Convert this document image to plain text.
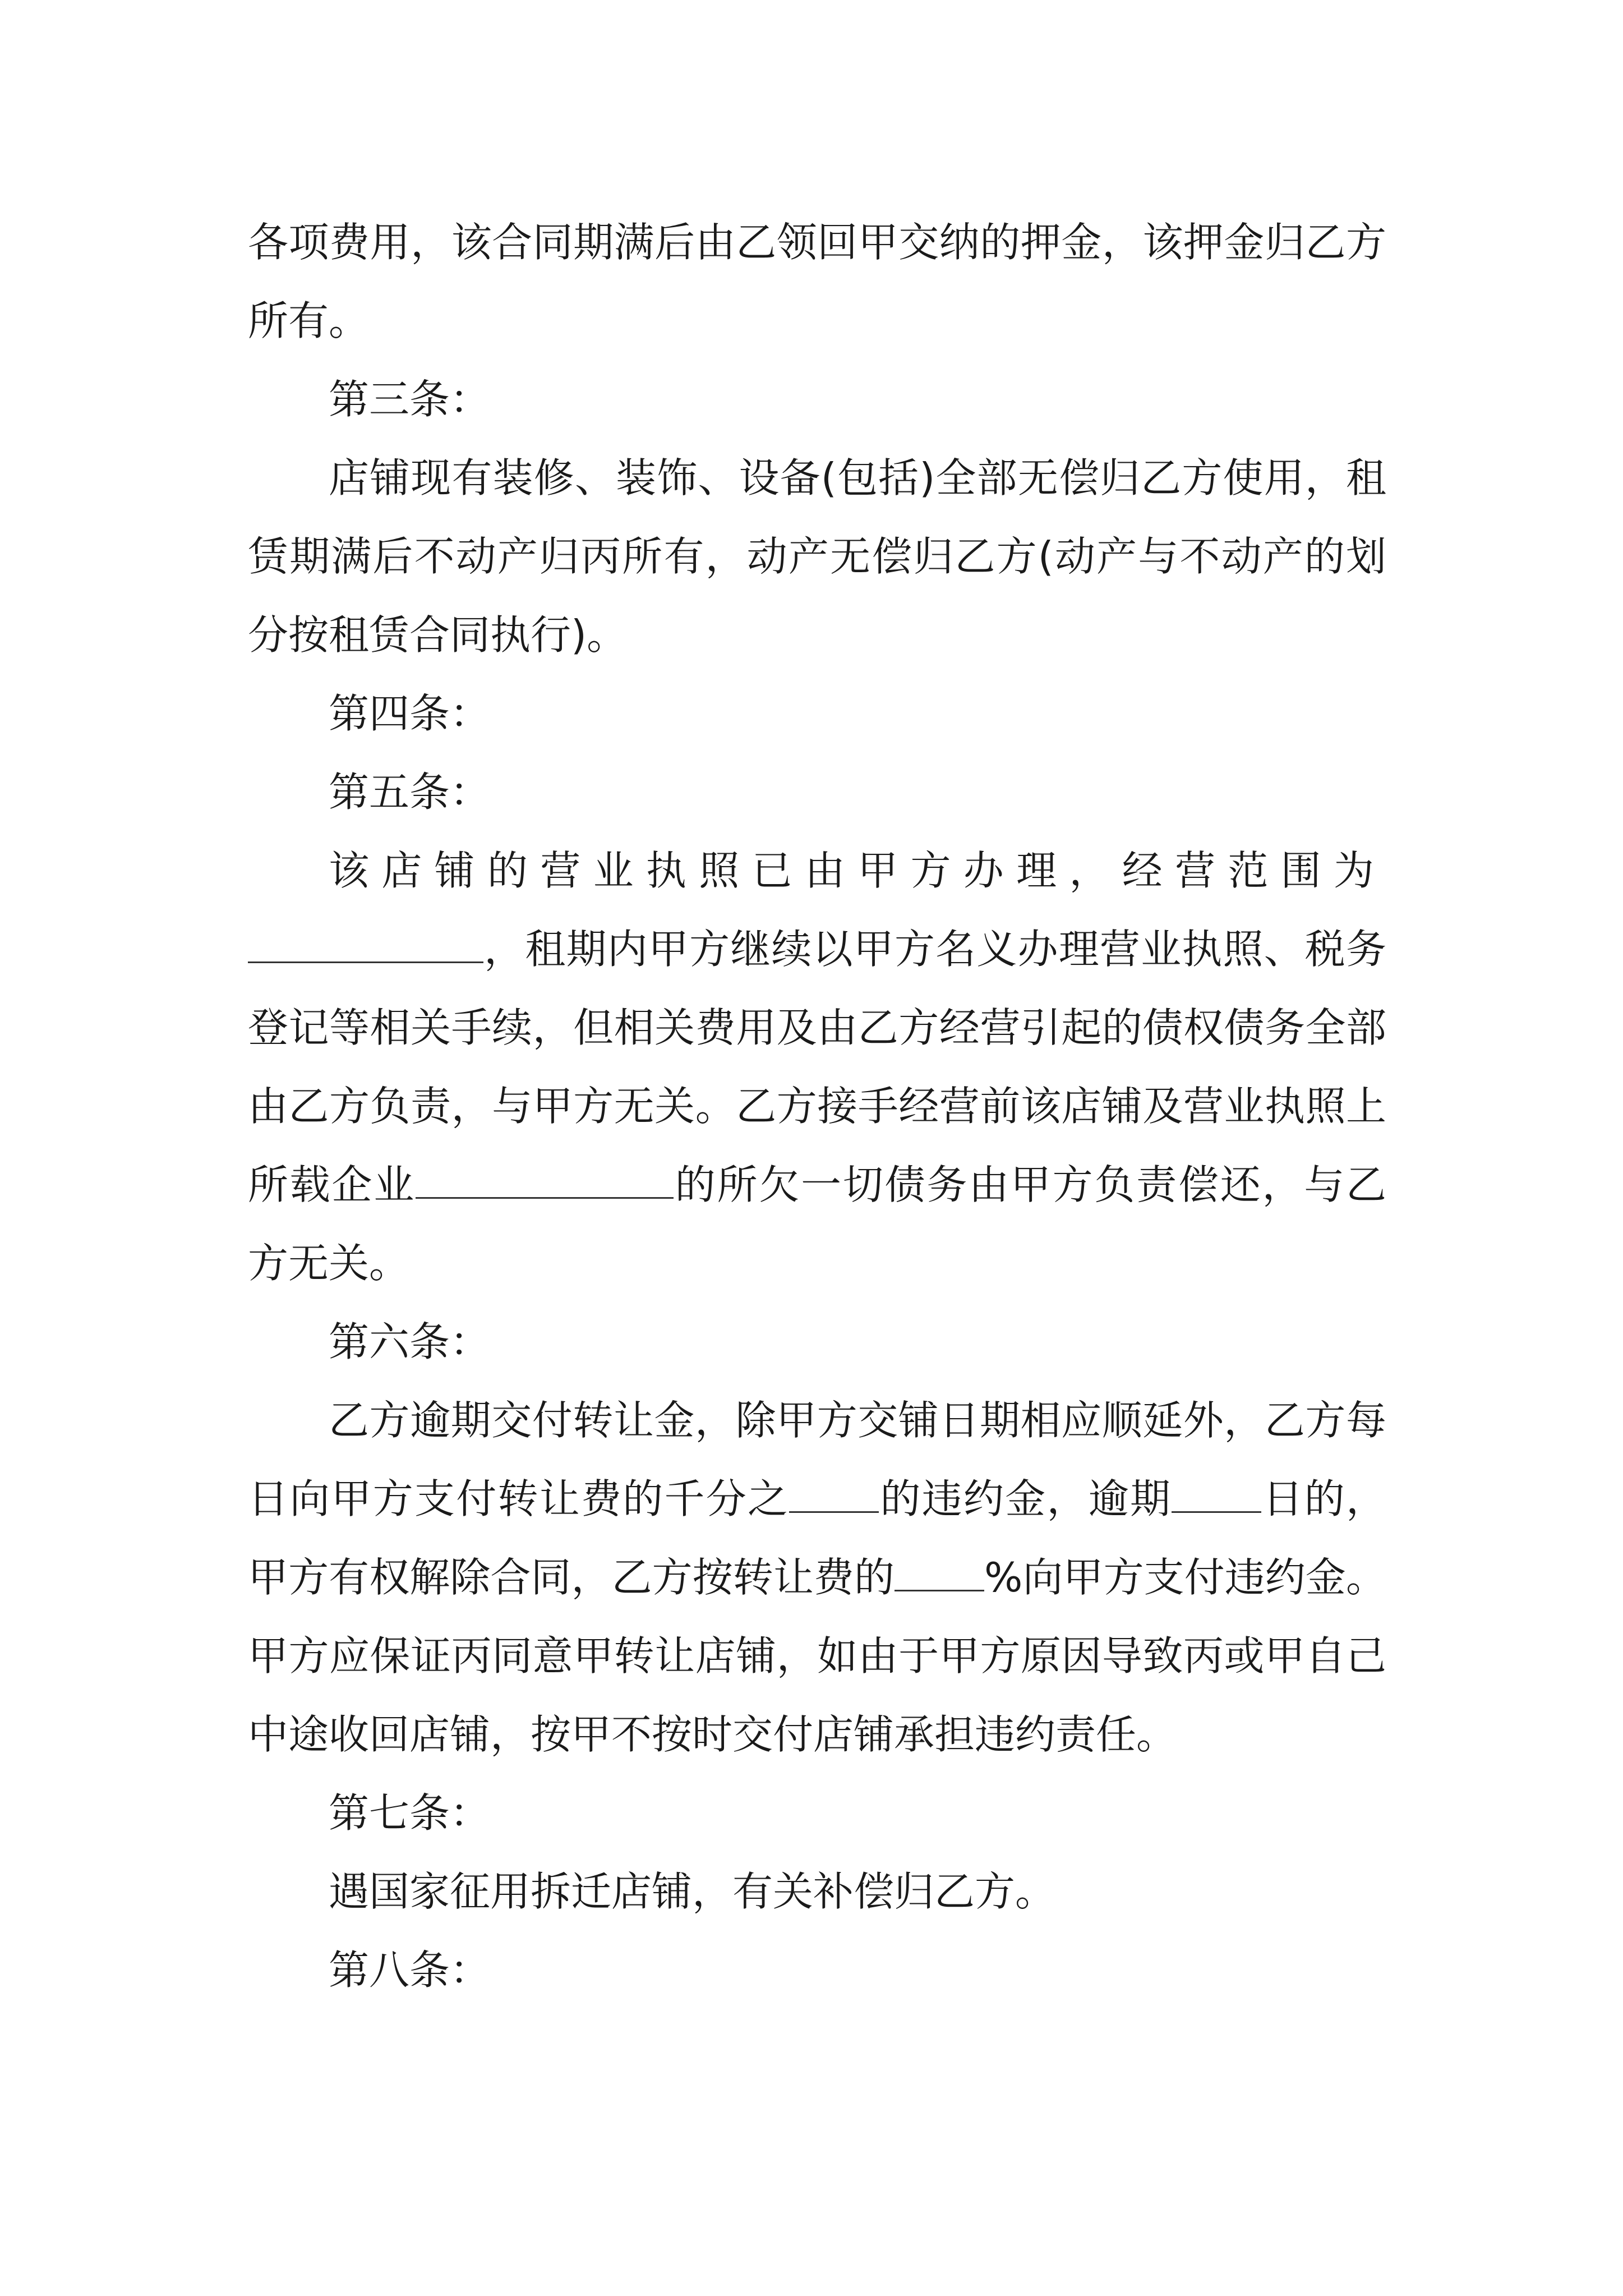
各项费用，该合同期满后由乙领回甲交纳的押金，该押金归乙方所有。

第三条：

店铺现有装修、装饰、设备(包括)全部无偿归乙方使用，租赁期满后不动产归丙所有，动产无偿归乙方(动产与不动产的划分按租赁合同执行)。

第四条：

第五条：

该店铺的营业执照已由甲方办理，经营范围为，租期内甲方继续以甲方名义办理营业执照、税务登记等相关手续，但相关费用及由乙方经营引起的债权债务全部由乙方负责，与甲方无关。乙方接手经营前该店铺及营业执照上所载企业	的所欠一切债务由甲方负责偿还，与乙方无关。

第六条：

乙方逾期交付转让金，除甲方交铺日期相应顺延外，乙方每日向甲方支付转让费的千分之 的违约金，逾期 日的，甲方有权解除合同，乙方按转让费的 %向甲方支付违约金。甲方应保证丙同意甲转让店铺，如由于甲方原因导致丙或甲自己中途收回店铺，按甲不按时交付店铺承担违约责任。

第七条：

遇国家征用拆迁店铺，有关补偿归乙方。

第八条：
